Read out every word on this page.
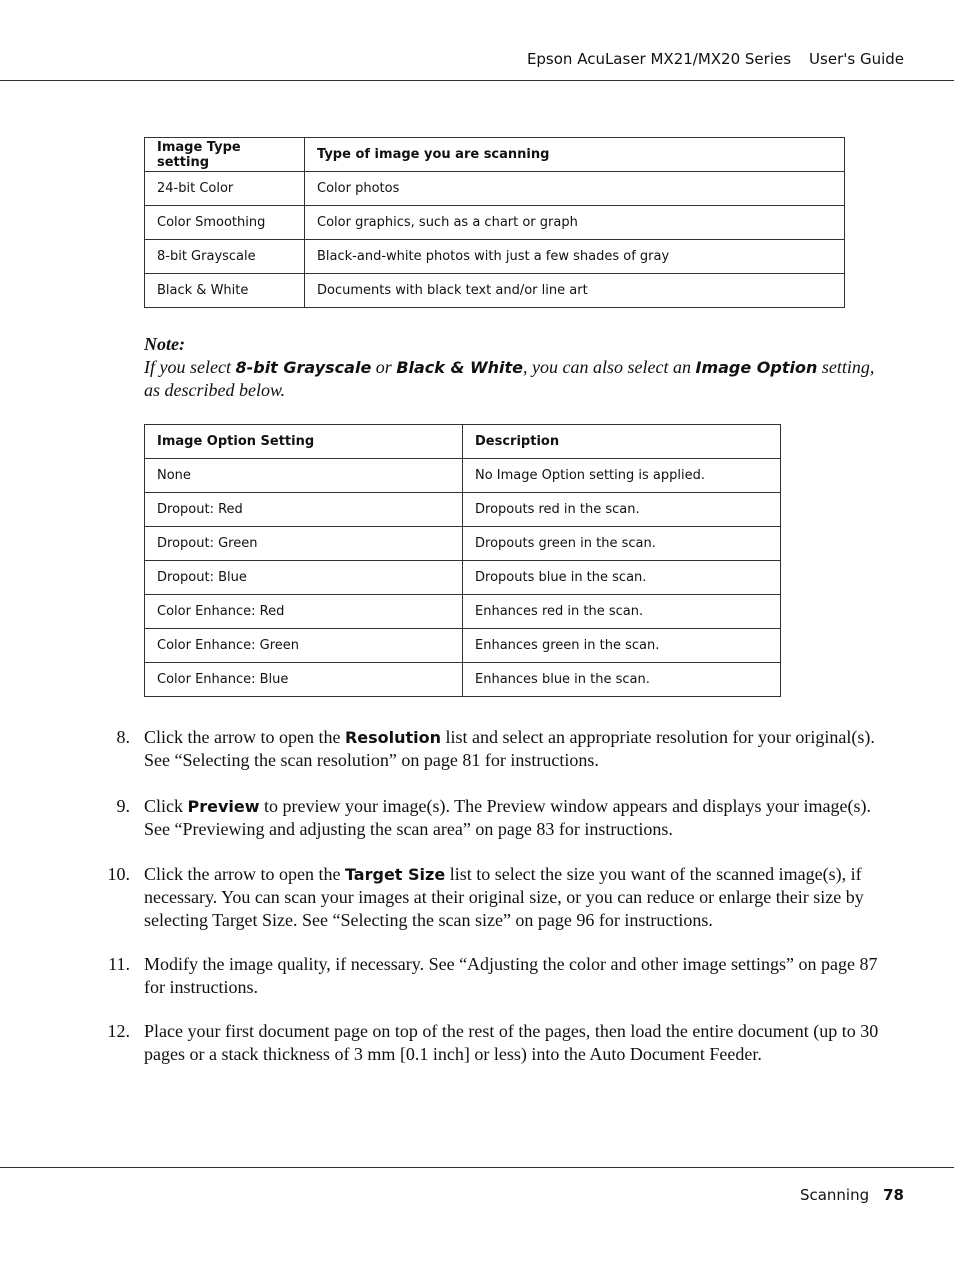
Epson AcuLaser MX21/MX20 Series User's Guide
Image Type setting	Type of image you are scanning
24-bit Color	Color photos
Color Smoothing	Color graphics, such as a chart or graph
8-bit Grayscale	Black-and-white photos with just a few shades of gray
Black & White	Documents with black text and/or line art
Note:
If you select 8-bit Grayscale or Black & White, you can also select an Image Option setting, as described below.
Image Option Setting	Description
None	No Image Option setting is applied.
Dropout: Red	Dropouts red in the scan.
Dropout: Green	Dropouts green in the scan.
Dropout: Blue	Dropouts blue in the scan.
Color Enhance: Red	Enhances red in the scan.
Color Enhance: Green	Enhances green in the scan.
Color Enhance: Blue	Enhances blue in the scan.
8. Click the arrow to open the Resolution list and select an appropriate resolution for your original(s). See “Selecting the scan resolution” on page 81 for instructions.
9. Click Preview to preview your image(s). The Preview window appears and displays your image(s). See “Previewing and adjusting the scan area” on page 83 for instructions.
10. Click the arrow to open the Target Size list to select the size you want of the scanned image(s), if necessary. You can scan your images at their original size, or you can reduce or enlarge their size by selecting Target Size. See “Selecting the scan size” on page 96 for instructions.
11. Modify the image quality, if necessary. See “Adjusting the color and other image settings” on page 87 for instructions.
12. Place your first document page on top of the rest of the pages, then load the entire document (up to 30 pages or a stack thickness of 3 mm [0.1 inch] or less) into the Auto Document Feeder.
Scanning 78
